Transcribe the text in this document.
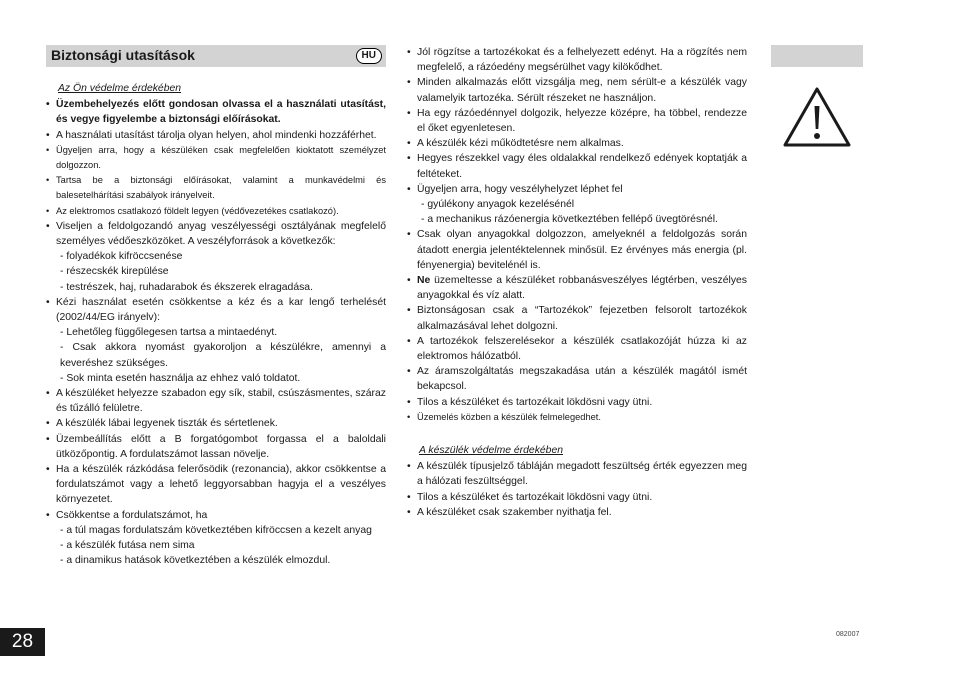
Biztonsági utasítások	HU
Az Ön védelme érdekében
• Üzembehelyezés előtt gondosan olvassa el a használati utasítást, és vegye figyelembe a biztonsági előírásokat.
• A használati utasítást tárolja olyan helyen, ahol mindenki hozzáférhet.
• Ügyeljen arra, hogy a készüléken csak megfelelően kioktatott személyzet dolgozzon.
• Tartsa be a biztonsági előírásokat, valamint a munkavédelmi és balesetelhárítási szabályok irányelveit.
• Az elektromos csatlakozó földelt legyen (védővezetékes csatlakozó).
• Viseljen a feldolgozandó anyag veszélyességi osztályának megfelelő személyes védőeszközöket. A veszélyforrások a következők:
- folyadékok kifröccsenése
- részecskék kirepülése
- testrészek, haj, ruhadarabok és ékszerek elragadása.
• Kézi használat esetén csökkentse a kéz és a kar lengő terhelését (2002/44/EG irányelv):
- Lehetőleg függőlegesen tartsa a mintaedényt.
- Csak akkora nyomást gyakoroljon a készülékre, amennyi a keveréshez szükséges.
- Sok minta esetén használja az ehhez való toldatot.
• A készüléket helyezze szabadon egy sík, stabil, csúszásmentes, száraz és tűzálló felületre.
• A készülék lábai legyenek tiszták és sértetlenek.
• Üzembeállítás előtt a B forgatógombot forgassa el a baloldali ütközőpontig. A fordulatszámot lassan növelje.
• Ha a készülék rázkódása felerősödik (rezonancia), akkor csökkentse a fordulatszámot vagy a lehető leggyorsabban hagyja el a veszélyes környezetet.
• Csökkentse a fordulatszámot, ha
- a túl magas fordulatszám következtében kifröccsen a kezelt anyag
- a készülék futása nem sima
- a dinamikus hatások következtében a készülék elmozdul.
• Jól rögzítse a tartozékokat és a felhelyezett edényt. Ha a rögzítés nem megfelelő, a rázóedény megsérülhet vagy kilökődhet.
• Minden alkalmazás előtt vizsgálja meg, nem sérült-e a készülék vagy valamelyik tartozéka. Sérült részeket ne használjon.
• Ha egy rázóedénnyel dolgozik, helyezze középre, ha többel, rendezze el őket egyenletesen.
• A készülék kézi működtetésre nem alkalmas.
• Hegyes részekkel vagy éles oldalakkal rendelkező edények koptatják a feltéteket.
• Ügyeljen arra, hogy veszélyhelyzet léphet fel
- gyúlékony anyagok kezelésénél
- a mechanikus rázóenergia következtében fellépő üvegtörésnél.
• Csak olyan anyagokkal dolgozzon, amelyeknél a feldolgozás során átadott energia jelentéktelennek minősül. Ez érvényes más energia (pl. fényenergia) bevitelénél is.
• Ne üzemeltesse a készüléket robbanásveszélyes légtérben, veszélyes anyagokkal és víz alatt.
• Biztonságosan csak a “Tartozékok” fejezetben felsorolt tartozékok alkalmazásával lehet dolgozni.
• A tartozékok felszerelésekor a készülék csatlakozóját húzza ki az elektromos hálózatból.
• Az áramszolgáltatás megszakadása után a készülék magától ismét bekapcsol.
• Tilos a készüléket és tartozékait lökdösni vagy ütni.
• Üzemelés közben a készülék felmelegedhet.
A készülék védelme érdekében
• A készülék típusjelző tábláján megadott feszültség érték egyezzen meg a hálózati feszültséggel.
• Tilos a készüléket és tartozékait lökdösni vagy ütni.
• A készüléket csak szakember nyithatja fel.
28	082007
